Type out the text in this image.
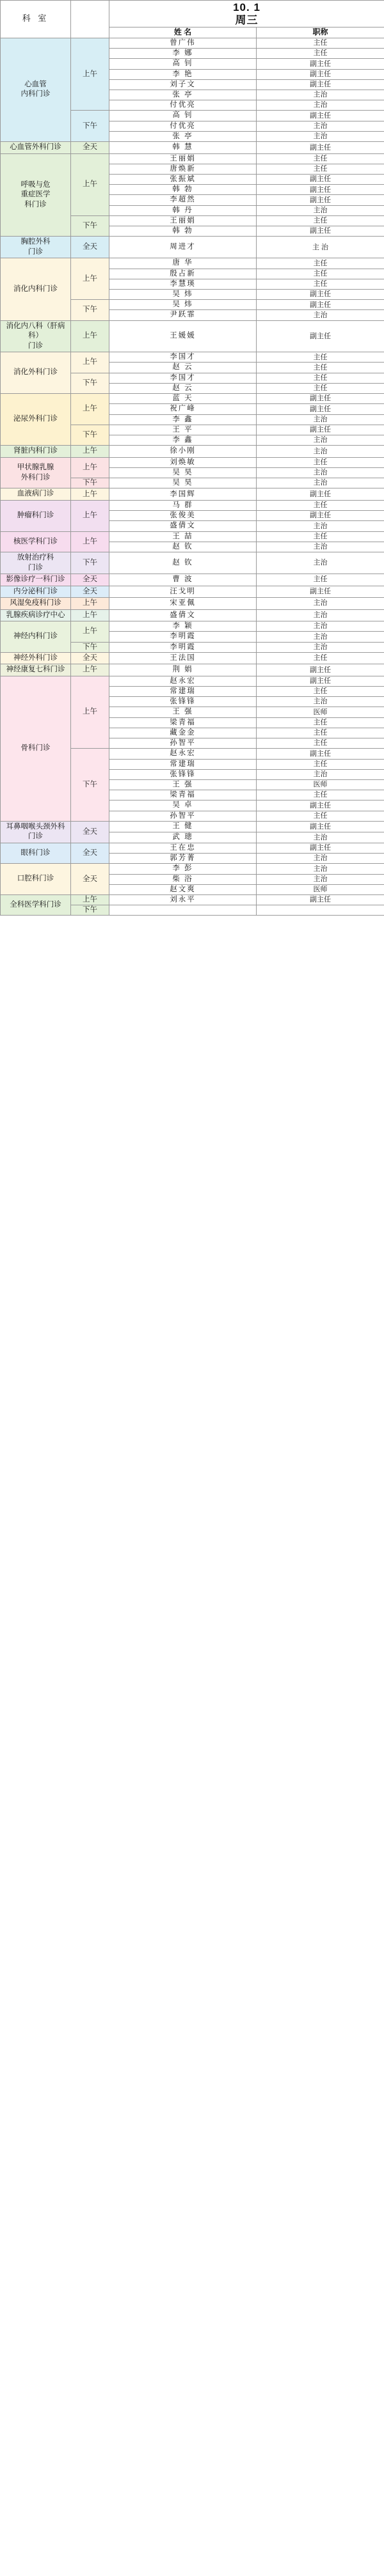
科 室		10. 1
周三	

		姓 名	职称
心血管
内科门诊	上午	曾广伟	主任
		李 娜	主任
		高 钊	副主任
		李 艳	副主任
		刘子文	副主任
		张 亭	主治
		付优亮	主治
	下午	高 钊	副主任
		付优亮	主治
		张 亭	主治
心血管外科门诊	全天	韩 慧	副主任
呼吸与危
重症医学
科门诊	上午	王丽娟	主任
		唐焕新	主任
		张振斌	副主任
		韩 勃	副主任
		李超然	副主任
		韩 丹	主治
	下午	王丽娟	主任
		韩 勃	副主任
胸腔外科
门诊	全天	周进才	主 治
消化内科门诊	上午	唐 华	主任
		殷占新	主任
		李慧瑛	主任
		吴 炜	副主任
	下午	吴 炜	副主任
		尹跃霏	主治
消化内八科（肝病科）
门诊	上午	王媛媛	副主任
消化外科门诊	上午	李国才	主任
		赵 云	主任
	下午	李国才	主任
		赵 云	主任
泌尿外科门诊	上午	蓝 天	副主任
		祝广峰	副主任
		李 鑫	主治
	下午	王 平	副主任
		李 鑫	主治
肾脏内科门诊	上午	徐小刚	主治
甲状腺乳腺
外科门诊	上午	刘焕敏	主任
		吴 昊	主治
	下午	吴 昊	主治
血液病门诊	上午	李国辉	副主任
肿瘤科门诊	上午	马 群	主任
		张俊美	副主任
		盛倩文	主治
核医学科门诊	上午	王 喆	主任
		赵 钦	主治
放射治疗科
门诊	下午	赵 钦	主治
影像诊疗一科门诊	全天	曹 波	主任
内分泌科门诊	全天	汪戈明	副主任
风湿免疫科门诊	上午	宋亚佩	主治
乳腺疾病诊疗中心	上午	盛倩文	主治
神经内科门诊	上午	李 颖	主治
		李明霞	主治
	下午	李明霞	主治
神经外科门诊	全天	王法国	主任
神经康复七科门诊	上午	荆 娟	副主任
骨科门诊	上午	赵永宏	副主任
		常建瑞	主任
		张锋锋	主治
		王 强	医师
		梁青福	主任
		藏金金	主任
		孙智平	主任
	下午	赵永宏	副主任
		常建瑞	主任
		张锋锋	主治
		王 强	医师
		梁青福	主任
		吴 卓	副主任
		孙智平	主任
耳鼻咽喉头颈外科
门诊	全天	王 健	副主任
		武 璁	主治
眼科门诊	全天	王在忠	副主任
		郭芳菁	主治
口腔科门诊	全天	李 彭	主治
		柴 浴	主治
		赵文爽	医师
全科医学科门诊	上午	刘永平	副主任
	下午		
